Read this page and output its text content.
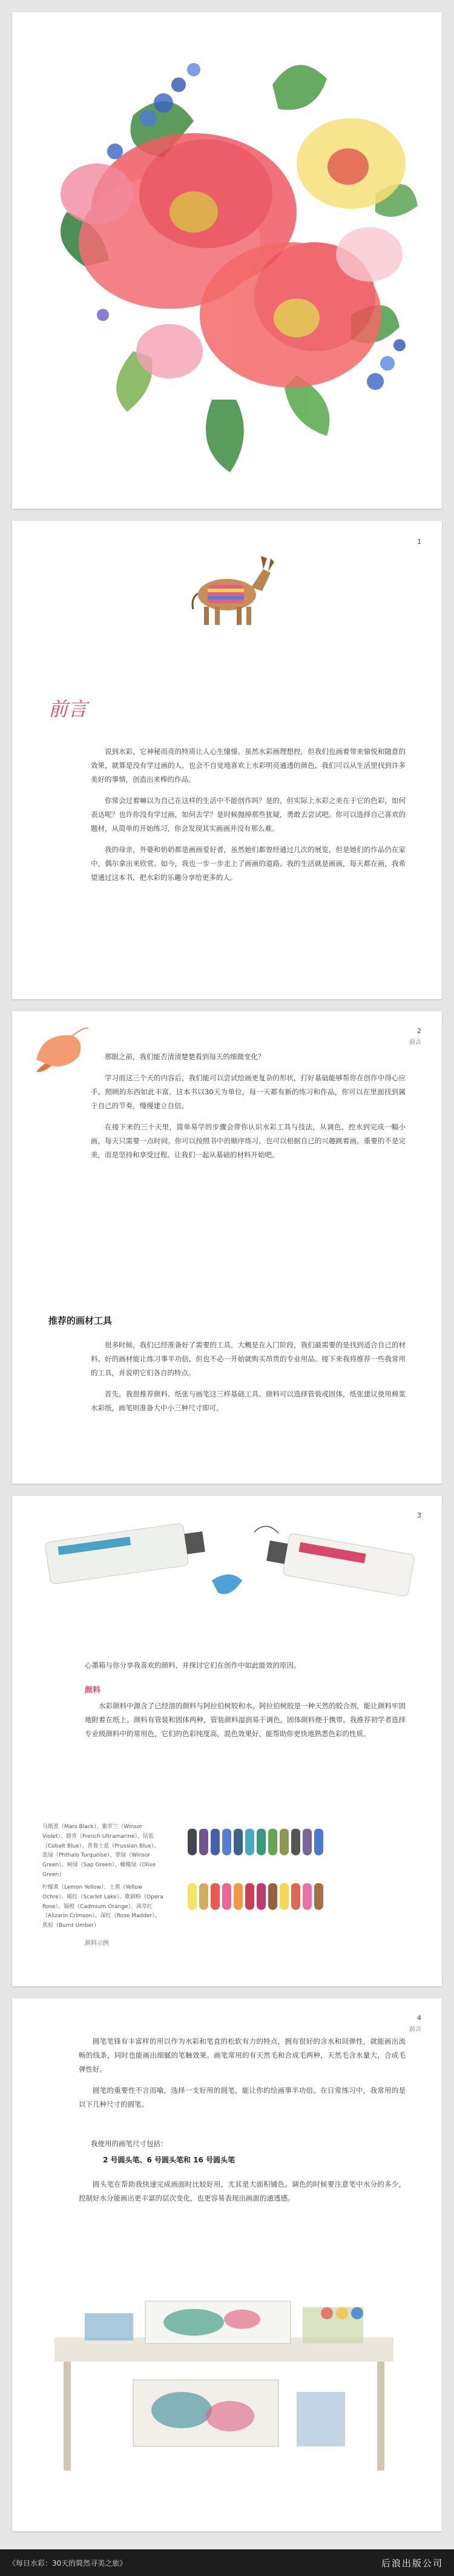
1
前言

说到水彩，它神秘而亮的特质让人心生憧憬。虽然水彩画理想控，但我们也画着带来愉悦和随意的效果，就算是没有学过画的人，也会不自觉地喜欢上水彩明亮通透的颜色，我们可以从生活里找到许多美好的事情，创造出来棒的作品。

你常会过着嘛以为自己在这样的生活中不能创作吗？是的，但实际上水彩之美在于它的色彩，如何表达呢？也许你没有学过画，如何去学？是时候抛掉那些犹疑，勇敢去尝试吧。你可以选择自己喜欢的题材，从简单的开始练习，你会发现其实画画并没有那么难。

我的母亲，外婆和奶奶都是画画爱好者，虽然她们都曾经通过几次的展览，但是她们的作品仍在家中，偶尔拿出来欣赏。如今，我也一步一步走上了画画的道路。我的生活就是画画，每天都在画，我希望通过这本书，把水彩的乐趣分享给更多的人。

2
前言

那眼之前，我们能否清清楚楚看到每天的细微变化？

学习而这三个天的内容后，我们能可以尝试绘画更复杂的形状，打好基础能够帮你在创作中得心应手。照顾的东西如此丰富，这本书以30天为单位，每一天都有新的练习和作品，你可以在里面找到属于自己的节奏，慢慢建立自信。

在接下来的三十天里，简单易学的步骤会带你认识水彩工具与技法，从调色、控水到完成一幅小画，每天只需要一点时间。你可以按照书中的顺序练习，也可以根据自己的兴趣跳着画。重要的不是完美，而是坚持和享受过程。让我们一起从基础的材料开始吧。

推荐的画材工具

很多时候，我们已经准备好了需要的工具，大概是在入门阶段，我们最需要的是找到适合自己的材料。好的画材能让练习事半功倍，但也不必一开始就购买昂贵的专业用品。接下来我将推荐一些我常用的工具，并说明它们各自的特点。

首先，我很推荐颜料、纸张与画笔这三样基础工具。颜料可以选择管装或固体，纸张建议使用棉浆水彩纸，画笔则准备大中小三种尺寸即可。

3
心墨箱与你分享我喜欢的颜料，并探讨它们在创作中如此能效的原因。
颜料

水彩颜料中源含了已经溶的颜料与阿拉伯树胶和水。阿拉伯树胶是一种天然的胶合剂，能让颜料牢固地附着在纸上。颜料有管装和固体两种，管装颜料湿润易于调色，固体颜料便于携带。我推荐初学者选择专业级颜料中的常用色，它们的色彩纯度高，混色效果好，能帮助你更快地熟悉色彩的性质。

马斯黑（Mars Black）、紫罗兰（Winsor Violet）、群青（French Ultramarine）、钴蓝（Cobalt Blue）、普鲁士蓝（Prussian Blue）、蓝绿（Phthalo Turquoise）、翠绿（Winsor Green）、树绿（Sap Green）、橄榄绿（Olive Green）
柠檬黄（Lemon Yellow）、土黄（Yellow Ochre）、暖红（Scarlet Lake）、歌剧粉（Opera Rose）、镉橙（Cadmium Orange）、茜草红（Alizarin Crimson）、深红（Rose Madder）、焦棕（Burnt Umber）
颜料示例
4
前言

圆笔笔锋有丰富样的用以作为水彩和笔直的松软有力的特点，拥有很好的含水和回弹性，就能画出流畅的线条，同时也能画出细腻的笔触效果。画笔常用的有天然毛和合成毛两种，天然毛含水量大，合成毛弹性好。

圆笔的重要性不言而喻，选择一支好用的圆笔，能让你的绘画事半功倍。在日常练习中，我常用的是以下几种尺寸的圆笔。

我使用的画笔尺寸包括：
2 号圆头笔、6 号圆头笔和 16 号圆头笔

圆头笔在帮助我快速完成画面时比较好用，尤其是大面积铺色。调色的时候要注意笔中水分的多少，控制好水分能画出更丰富的层次变化，也更容易表现出画面的通透感。

《每日水彩：30天的简然寻美之旅》	后浪出版公司
